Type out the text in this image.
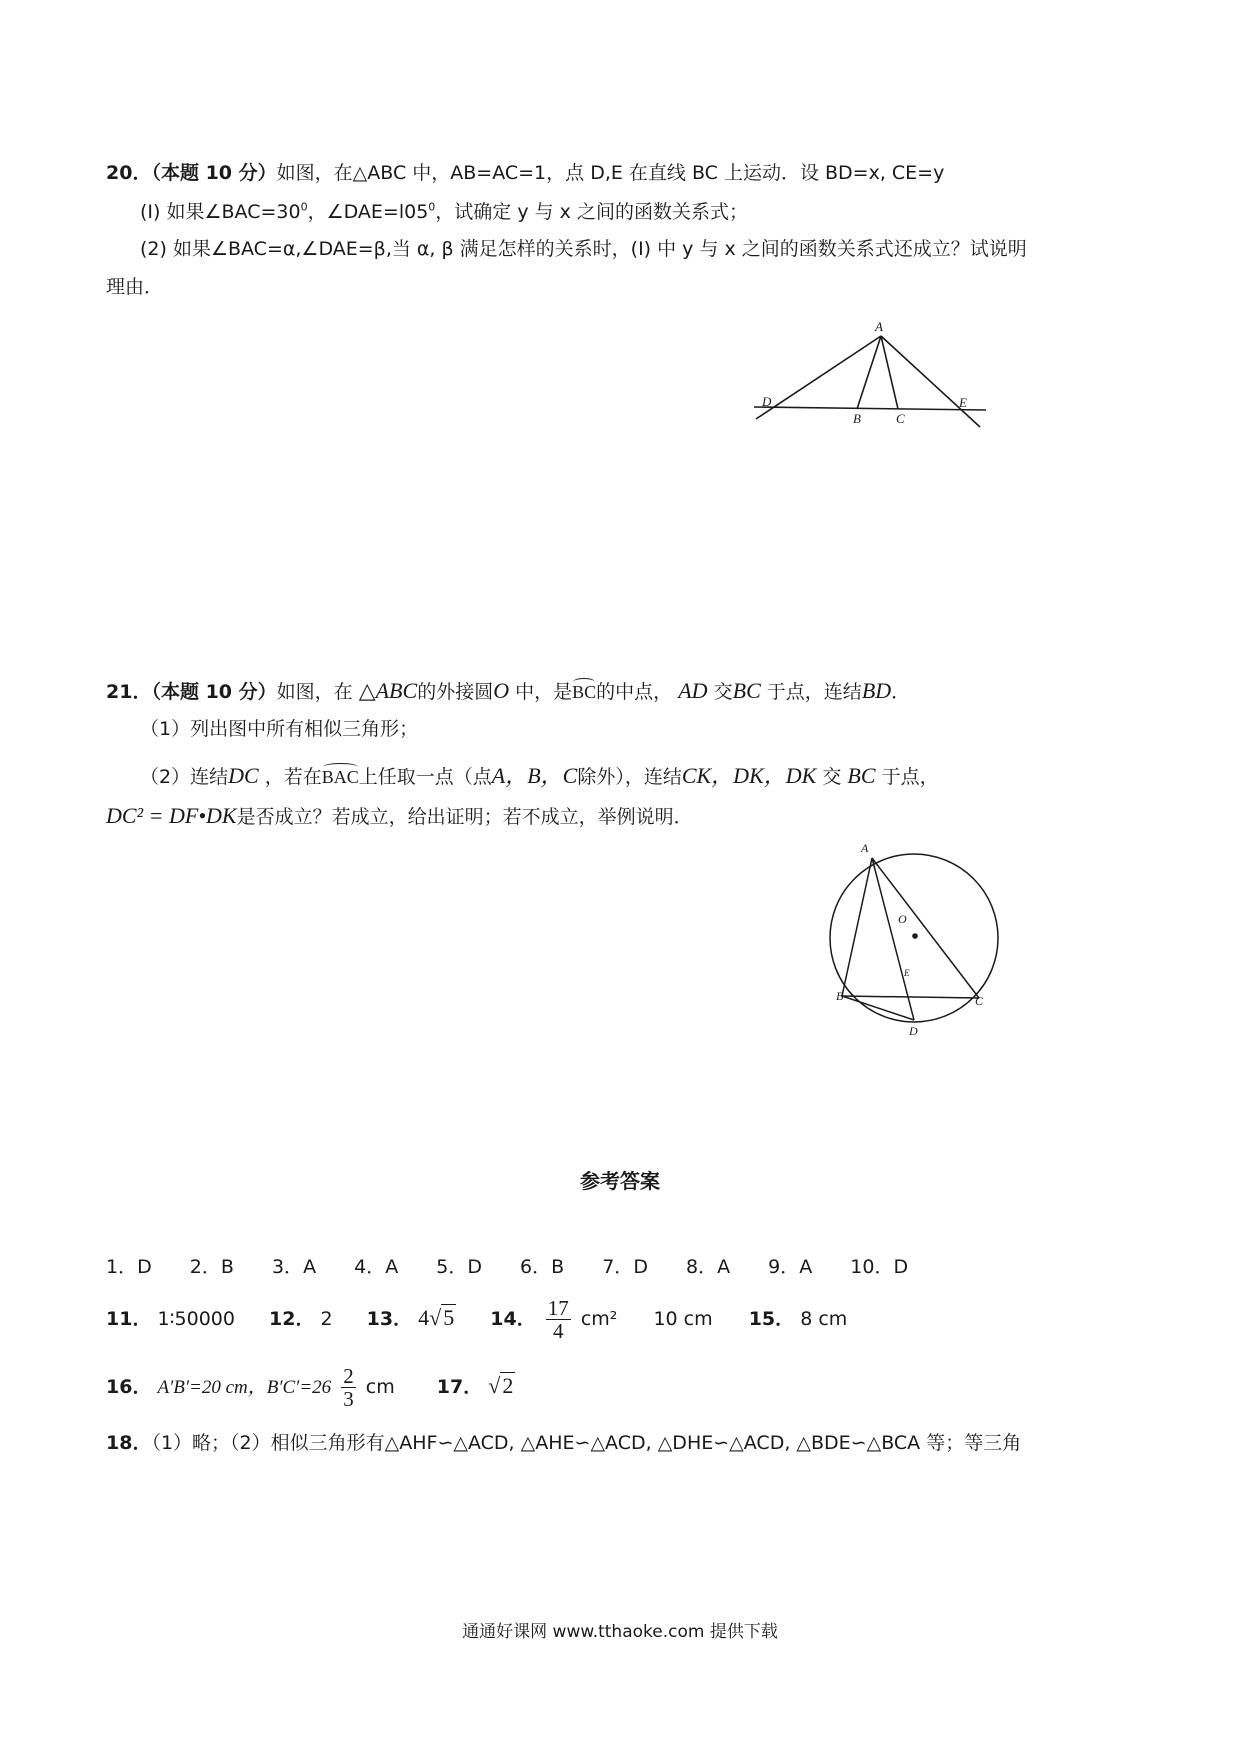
20．（本题 10 分）如图，在△ABC 中，AB=AC=1，点 D,E 在直线 BC 上运动．设 BD=x, CE=y
(Ⅰ) 如果$\angle BAC=30^0$，$\angle DAE=l05^0$，试确定 y 与 x 之间的函数关系式；
(2) 如果∠BAC=α,∠DAE=β,当 α, β 满足怎样的关系时，(Ⅰ) 中 y 与 x 之间的函数关系式还成立？试说明
理由．
A
D
B	C
E
21．（本题 10 分）如图，在 △ABC的外接圆O 中，是BC的中点， AD 交BC 于点，连结BD．
（1）列出图中所有相似三角形；
（2）连结DC ，若在BAC上任取一点（点A，B，C除外），连结CK，DK，DK 交 BC 于点，
DC² = DF•DK是否成立？若成立，给出证明；若不成立，举例说明．
A
O
E
B	C
D
参考答案
1．D 2．B 3．A 4．A 5．D 6．B 7．D 8．A 9．A 10．D
11． 1∶50000 12． 2 13． 4√5 14． $\frac{17}{4} cm^2$ 10 cm 15． 8 cm
16． A′B′=20 cm，$B'C'=26 \frac{2}{3}$ cm 17． √2
18．（1）略；（2）相似三角形有△AHF∽△ACD, △AHE∽△ACD, △DHE∽△ACD, △BDE∽△BCA 等；等三角
通通好课网 www.tthaoke.com 提供下载
